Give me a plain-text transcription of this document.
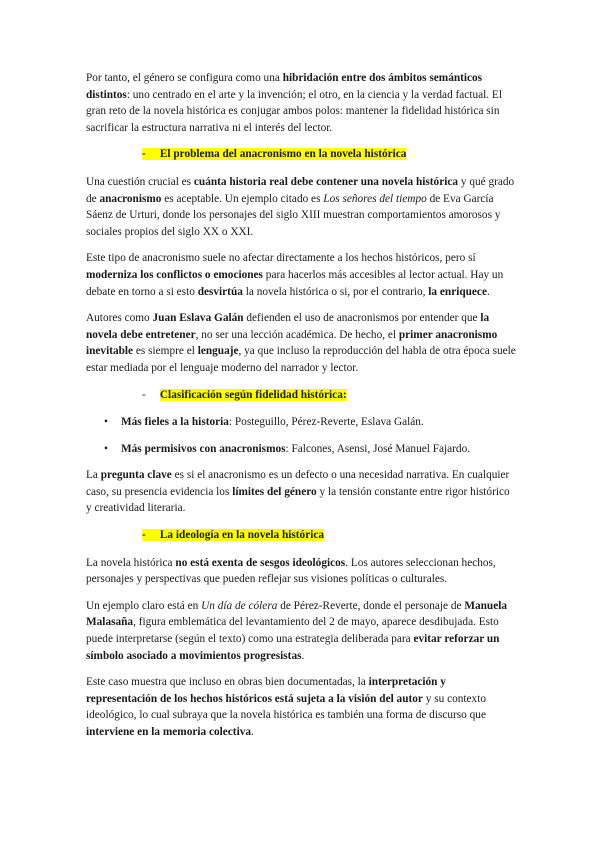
Por tanto, el género se configura como una hibridación entre dos ámbitos semánticos distintos: uno centrado en el arte y la invención; el otro, en la ciencia y la verdad factual. El gran reto de la novela histórica es conjugar ambos polos: mantener la fidelidad histórica sin sacrificar la estructura narrativa ni el interés del lector.

- El problema del anacronismo en la novela histórica

Una cuestión crucial es cuánta historia real debe contener una novela histórica y qué grado de anacronismo es aceptable. Un ejemplo citado es Los señores del tiempo de Eva García Sáenz de Urturi, donde los personajes del siglo XIII muestran comportamientos amorosos y sociales propios del siglo XX o XXI.

Este tipo de anacronismo suele no afectar directamente a los hechos históricos, pero sí moderniza los conflictos o emociones para hacerlos más accesibles al lector actual. Hay un debate en torno a si esto desvirtúa la novela histórica o si, por el contrario, la enriquece.

Autores como Juan Eslava Galán defienden el uso de anacronismos por entender que la novela debe entretener, no ser una lección académica. De hecho, el primer anacronismo inevitable es siempre el lenguaje, ya que incluso la reproducción del habla de otra época suele estar mediada por el lenguaje moderno del narrador y lector.

- Clasificación según fidelidad histórica:
• Más fieles a la historia: Posteguillo, Pérez-Reverte, Eslava Galán.
• Más permisivos con anacronismos: Falcones, Asensi, José Manuel Fajardo.

La pregunta clave es si el anacronismo es un defecto o una necesidad narrativa. En cualquier caso, su presencia evidencia los límites del género y la tensión constante entre rigor histórico y creatividad literaria.

- La ideología en la novela histórica

La novela histórica no está exenta de sesgos ideológicos. Los autores seleccionan hechos, personajes y perspectivas que pueden reflejar sus visiones políticas o culturales.

Un ejemplo claro está en Un día de cólera de Pérez-Reverte, donde el personaje de Manuela Malasaña, figura emblemática del levantamiento del 2 de mayo, aparece desdibujada. Esto puede interpretarse (según el texto) como una estrategia deliberada para evitar reforzar un símbolo asociado a movimientos progresistas.

Este caso muestra que incluso en obras bien documentadas, la interpretación y representación de los hechos históricos está sujeta a la visión del autor y su contexto ideológico, lo cual subraya que la novela histórica es también una forma de discurso que interviene en la memoria colectiva.
